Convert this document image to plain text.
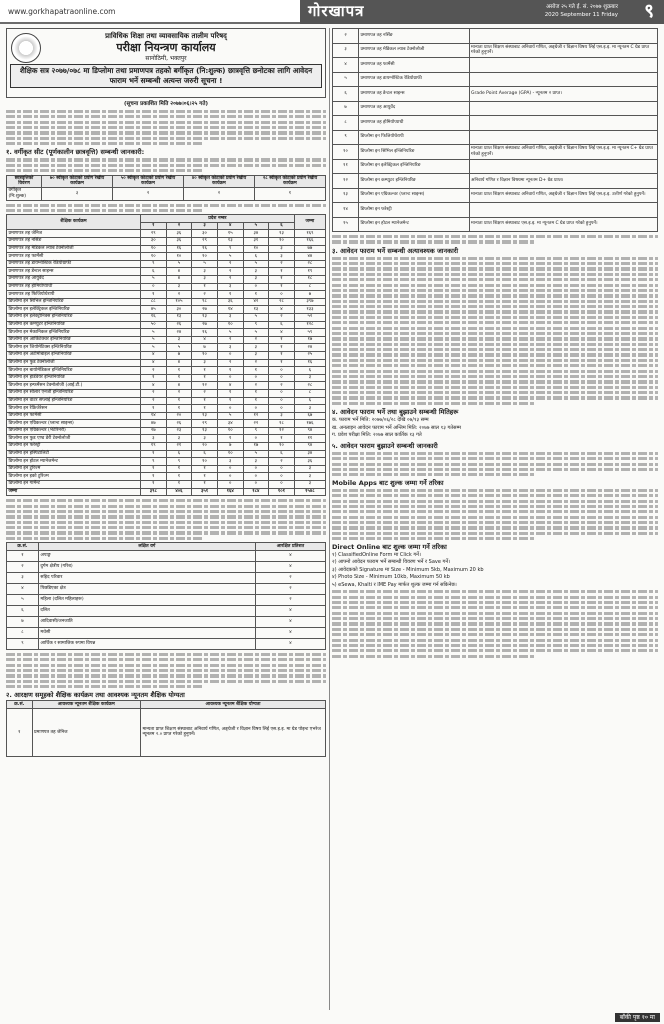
www.gorkhapatraonline.com	गोरखापत्र	असोज २५ गते ई. सं. २०७७ शुक्रबार
2020 September 11 Friday ९
प्राविधिक शिक्षा तथा व्यावसायिक तालीम परिषद्
परीक्षा नियन्त्रण कार्यालय
सानोठिमी, भक्तपुर
शैक्षिक सत्र २०७७/०७८ मा डिप्लोमा तथा प्रमाणपत्र तहको बर्गीकृत (नि:शुल्क) छात्रवृत्ति छनोटका लागि आवेदन फाराम भर्ने सम्बन्धी अत्यन्त जरुरी सूचना !
(सूचना प्रकाशित मिति २०७७।०६।२५ गते)
१. वर्गीकृत सीट (पूर्णकालीन छात्रवृत्ति) सम्बन्धी जानकारी:
छात्रवृत्तिको विवरण	७० स्वीकृत कोटाको प्रयोग रेखीय कार्यक्रम	५० स्वीकृत कोटाको प्रयोग रेखीय कार्यक्रम	४० स्वीकृत कोटाको प्रयोग रेखीय कार्यक्रम	२८ स्वीकृत कोटाको प्रयोग रेखीय कार्यक्रम
वर्गीकृत (नि:शुल्क)	३	२	२	१
शैक्षिक कार्यक्रम	प्रदेश नम्बर						जम्मा
	१	२	३	४	५	६	
प्रमाणपत्र तह जेनिज	२९	३६	३०	१५	३४	१३	१६९
प्रमाणपत्र तह नर्सिङ	३०	३६	२९	१३	३१	१०	१६६
प्रमाणपत्र तह मेडिकल ल्याब टेक्नोलोजी	१०	१६	१६	९	१०	३	७७
प्रमाणपत्र तह फार्मेसी	१०	१०	१०	५	६	३	४४
प्रमाणपत्र तह डायग्नोस्टिक रेडियोग्राफी	९	५	५	२	५	२	२८
प्रमाणपत्र तह डेन्टल साइन्स	६	४	३	२	३	१	१९
प्रमाणपत्र तह आयुर्वेद	५	४	३	२	३	१	१८
प्रमाणपत्र तह होमियोप्याथी	०	३	१	३	०	१	८
प्रमाणपत्र तह फिजियोथेरापी	१	२	२	१	१	०	७
डिप्लोमा इन सिभिल इन्जिनियरिङ	८८	१०५	९८	३६	४२	२८	३९७
डिप्लोमा इन इलेक्ट्रिकल इन्जिनियरिङ	४५	३०	२७	१४	१३	४	१३३
डिप्लोमा इन इलेक्ट्रोनिक्स इन्जिनियरिङ	१६	१३	१३	३	५	२	५२
डिप्लोमा इन कम्प्युटर इन्जिनियरिङ	५०	२६	२७	१०	९	६	१२८
डिप्लोमा इन मेकानिकल इन्जिनियरिङ	५	२४	१६	५	५	४	५९
डिप्लोमा इन आर्किटेक्चर इन्जिनियरिङ	५	३	४	२	२	१	१७
डिप्लोमा इन जियोमेटिक्स इन्जिनियरिङ	५	५	७	३	३	१	२४
डिप्लोमा इन अटोमोबाइल इन्जिनियरिङ	४	७	१०	०	३	१	२५
डिप्लोमा इन फुड टेक्नोलोजी	४	४	३	२	२	१	१६
डिप्लोमा इन बायोमेडिकल इन्जिनियरिङ	२	१	१	१	१	०	६
डिप्लोमा इन हार्डवेयर इन्जिनियरिङ	१	१	१	०	०	०	३
डिप्लोमा इन इन्फर्मेसन टेक्नोलोजी (आई.टी.)	४	४	१२	४	२	२	२८
डिप्लोमा इन सोलार एनर्जी इन्जिनियरिङ	२	२	२	१	१	०	८
डिप्लोमा इन वाटर सप्लाई इन्जिनियरिङ	२	१	१	१	१	०	६
डिप्लोमा इन रेफ्रिजेरेसन	१	१	१	०	०	०	३
डिप्लोमा इन फार्मेसी	१४	२०	१३	५	१२	३	६७
डिप्लोमा इन एग्रिकल्चर (प्लान्ट साइन्स)	४७	२६	२९	३४	२२	१८	१७६
डिप्लोमा इन एग्रिकल्चर (भेटेरिनरी)	२७	२३	१३	१०	९	१२	९४
डिप्लोमा इन फुड एण्ड डेरी टेक्नोलोजी	३	३	३	१	०	१	११
डिप्लोमा इन फरेस्ट्री	१९	२१	२०	७	१७	१०	९४
डिप्लोमा इन हस्पिटालिटी	१	६	६	१०	५	६	३४
डिप्लोमा इन होटल म्यानेजमेन्ट	९	९	१०	३	३	२	३६
डिप्लोमा इन टुरिज्म	१	१	१	०	०	०	३
डिप्लोमा इन इको टुरिज्म	१	१	१	०	०	०	३
डिप्लोमा इन गार्मेन्ट	१	१	१	०	०	०	३
जम्मा	३९८	४०६	३५१	१६४	१८४	१०१	१५४८
क्र.सं.	लक्षित वर्ग	आरक्षित प्रतिशत
१	अपाङ्ग	४
२	दुर्गम क्षेत्रीय (गरिब)	४
३	सहिद परिवार	२
४	पिछडिएका क्षेत्र	२
५	महिला (दलित महिलाहरू)	२
६	दलित	४
७	आदिवासी/जनजाति	४
८	मधेसी	४
९	आर्थिक र सामाजिक रुपमा विपन्न	४
२. आरक्षण समूहको शैक्षिक कार्यक्रम तथा आवश्यक न्यूनतम शैक्षिक योग्यता
क्र.सं.	आवश्यक न्यूनतम शैक्षिक कार्यक्रम	आवश्यक न्यूनतम शैक्षिक योग्यता
१	प्रमाणपत्र तह जेनिज	मान्यता प्राप्त शिक्षण संस्थाबाट अनिवार्य गणित, अङ्ग्रेजी र विज्ञान विषय लिई एस.इ.इ. मा ग्रेड पोइन्ट एभरेज न्यूनतम २.० प्राप्त गरेको हुनुपर्ने।
२	प्रमाणपत्र तह नर्सिङ	
३	प्रमाणपत्र तह मेडिकल ल्याब टेक्नोलोजी	मान्यता प्राप्त शिक्षण संस्थाबाट अनिवार्य गणित, अङ्ग्रेजी र विज्ञान विषय लिई एस.इ.इ. मा न्यूनतम C ग्रेड प्राप्त गरेको हुनुपर्ने।
४	प्रमाणपत्र तह फार्मेसी	
५	प्रमाणपत्र तह डायग्नोस्टिक रेडियोग्राफी	
६	प्रमाणपत्र तह डेन्टल साइन्स	Grade Point Average (GPA) - न्यूनतम २ प्राप्त।
७	प्रमाणपत्र तह आयुर्वेद	
८	प्रमाणपत्र तह होमियोप्याथी	
९	डिप्लोमा इन फिजियोथेरापी	
१०	डिप्लोमा इन सिभिल इन्जिनियरिङ	मान्यता प्राप्त शिक्षण संस्थाबाट अनिवार्य गणित, अङ्ग्रेजी र विज्ञान विषय लिई एस.इ.इ. मा न्यूनतम C+ ग्रेड प्राप्त गरेको हुनुपर्ने।
११	डिप्लोमा इन इलेक्ट्रिकल इन्जिनियरिङ	
१२	डिप्लोमा इन कम्प्युटर इन्जिनियरिङ	अनिवार्य गणित र विज्ञान विषयमा न्यूनतम D+ ग्रेड प्राप्त।
१३	डिप्लोमा इन एग्रिकल्चर (प्लान्ट साइन्स)	मान्यता प्राप्त शिक्षण संस्थाबाट अनिवार्य गणित, अङ्ग्रेजी र विज्ञान विषय लिई एस.इ.इ. उत्तीर्ण गरेको हुनुपर्ने।
१४	डिप्लोमा इन फरेस्ट्री	
१५	डिप्लोमा इन होटल म्यानेजमेन्ट	मान्यता प्राप्त शिक्षण संस्थाबाट एस.इ.इ. मा न्यूनतम C ग्रेड प्राप्त गरेको हुनुपर्ने।
३. आवेदन फाराम भर्ने सम्बन्धी अत्यावश्यक जानकारी
४. आवेदन फाराम भर्ने तथा बुझाउने सम्बन्धी मितिहरू
क. फाराम भर्ने मिति: २०७७/०६/२८ देखि ०७/१३ सम्म
ख. अनलाइन आवेदन फाराम भर्ने अन्तिम मिति: २०७७ साल १३ गतेसम्म
ग. प्रवेश परीक्षा मिति: २०७७ साल कार्तिक १३ गते
५. आवेदन फाराम बुझाउने सम्बन्धी जानकारी
Mobile Apps बाट शुल्क जम्मा गर्ने तरिका
Direct Online बाट शुल्क जम्मा गर्ने तरिका
१) ClassifiedOnline Form मा Click गर्ने।
२) आफ्नो आवेदन फाराम भर्ने सम्बन्धी विवरण भर्ने र Save गर्ने।
३) आवेदकको Signature मा Size - Minimum 5kb, Maximum 20 kb
४) Photo Size - Minimum 10kb, Maximum 50 kb
५) eSewa, Khalti र IME Pay मार्फत शुल्क जम्मा गर्न सकिनेछ।
बाँकी पृष्ठ १० मा
